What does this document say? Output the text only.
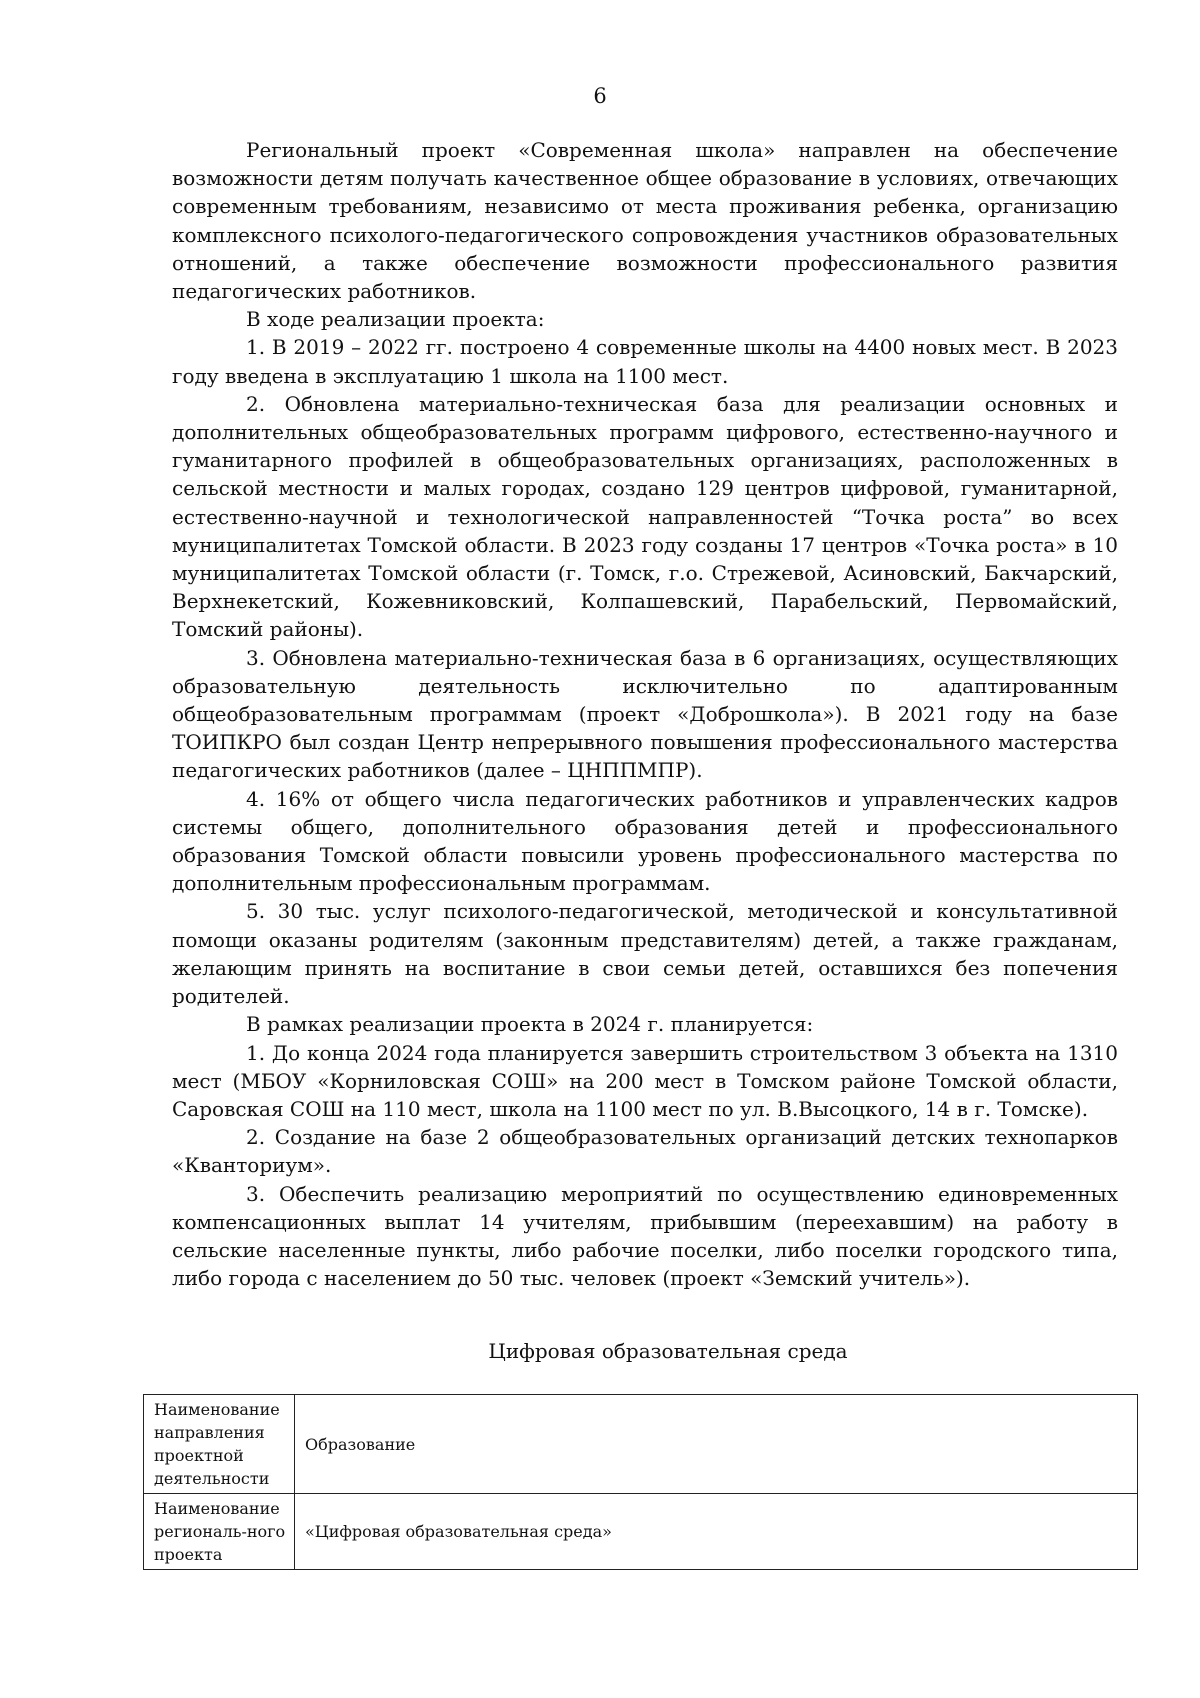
6

Региональный проект «Современная школа» направлен на обеспечение возможности детям получать качественное общее образование в условиях, отвечающих современным требованиям, независимо от места проживания ребенка, организацию комплексного психолого-педагогического сопровождения участников образовательных отношений, а также обеспечение возможности профессионального развития педагогических работников.

В ходе реализации проекта:

1. В 2019 – 2022 гг. построено 4 современные школы на 4400 новых мест. В 2023 году введена в эксплуатацию 1 школа на 1100 мест.

2. Обновлена материально-техническая база для реализации основных и дополнительных общеобразовательных программ цифрового, естественно-научного и гуманитарного профилей в общеобразовательных организациях, расположенных в сельской местности и малых городах, создано 129 центров цифровой, гуманитарной, естественно-научной и технологической направленностей “Точка роста” во всех муниципалитетах Томской области. В 2023 году созданы 17 центров «Точка роста» в 10 муниципалитетах Томской области (г. Томск, г.о. Стрежевой, Асиновский, Бакчарский, Верхнекетский, Кожевниковский, Колпашевский, Парабельский, Первомайский, Томский районы).

3. Обновлена материально-техническая база в 6 организациях, осуществляющих образовательную деятельность исключительно по адаптированным общеобразовательным программам (проект «Доброшкола»). В 2021 году на базе ТОИПКРО был создан Центр непрерывного повышения профессионального мастерства педагогических работников (далее – ЦНППМПР).

4. 16% от общего числа педагогических работников и управленческих кадров системы общего, дополнительного образования детей и профессионального образования Томской области повысили уровень профессионального мастерства по дополнительным профессиональным программам.

5. 30 тыс. услуг психолого-педагогической, методической и консультативной помощи оказаны родителям (законным представителям) детей, а также гражданам, желающим принять на воспитание в свои семьи детей, оставшихся без попечения родителей.

В рамках реализации проекта в 2024 г. планируется:

1. До конца 2024 года планируется завершить строительством 3 объекта на 1310 мест (МБОУ «Корниловская СОШ» на 200 мест в Томском районе Томской области, Саровская СОШ на 110 мест, школа на 1100 мест по ул. В.Высоцкого, 14 в г. Томске).

2. Создание на базе 2 общеобразовательных организаций детских технопарков «Кванториум».

3. Обеспечить реализацию мероприятий по осуществлению единовременных компенсационных выплат 14 учителям, прибывшим (переехавшим) на работу в сельские населенные пункты, либо рабочие поселки, либо поселки городского типа, либо города с населением до 50 тыс. человек (проект «Земский учитель»).

Цифровая образовательная среда
Наименование направления проектной деятельности	Образование
Наименование региональ-ного проекта	«Цифровая образовательная среда»
